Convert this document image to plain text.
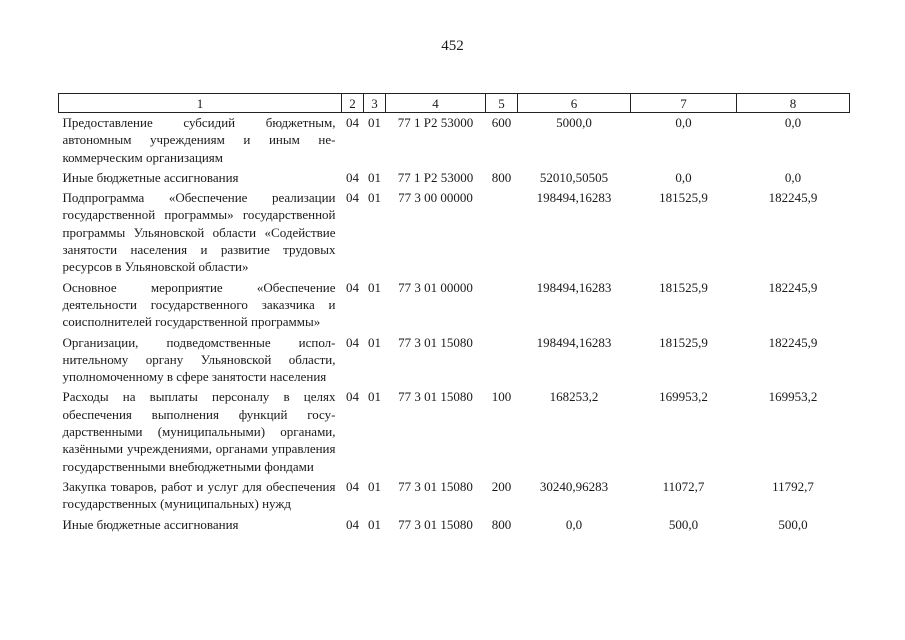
452
1	2	3	4	5	6	7	8
Предоставление субсидий бюджетным, автономным учреждениям и иным некоммерческим организациям	04	01	77 1 P2 53000	600	5000,0	0,0	0,0
Иные бюджетные ассигнования	04	01	77 1 P2 53000	800	52010,50505	0,0	0,0
Подпрограмма «Обеспечение реализации государственной программы» государственной программы Ульяновской области «Содействие занятости населения и развитие трудовых ресурсов в Ульяновской области»	04	01	77 3 00 00000		198494,16283	181525,9	182245,9
Основное мероприятие «Обеспечение деятельности государственного заказчика и соисполнителей государственной программы»	04	01	77 3 01 00000		198494,16283	181525,9	182245,9
Организации, подведомственные исполнительному органу Ульяновской области, уполномоченному в сфере занятости населения	04	01	77 3 01 15080		198494,16283	181525,9	182245,9
Расходы на выплаты персоналу в целях обеспечения выполнения функций государственными (муниципальными) органами, казёнными учреждениями, органами управления государственными внебюджетными фондами	04	01	77 3 01 15080	100	168253,2	169953,2	169953,2
Закупка товаров, работ и услуг для обеспечения государственных (муниципальных) нужд	04	01	77 3 01 15080	200	30240,96283	11072,7	11792,7
Иные бюджетные ассигнования	04	01	77 3 01 15080	800	0,0	500,0	500,0
